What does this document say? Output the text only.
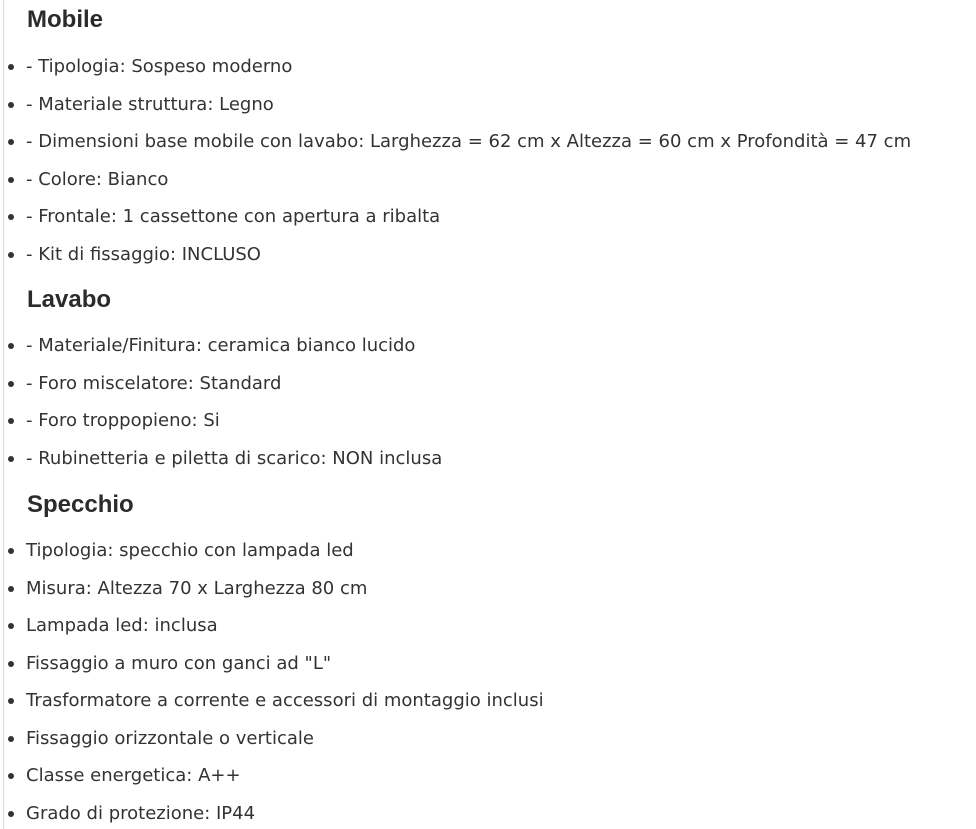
Mobile
- Tipologia: Sospeso moderno
- Materiale struttura: Legno
- Dimensioni base mobile con lavabo: Larghezza = 62 cm x Altezza = 60 cm x Profondità = 47 cm
- Colore: Bianco
- Frontale: 1 cassettone con apertura a ribalta
- Kit di fissaggio: INCLUSO
Lavabo
- Materiale/Finitura: ceramica bianco lucido
- Foro miscelatore: Standard
- Foro troppopieno: Si
- Rubinetteria e piletta di scarico: NON inclusa
Specchio
Tipologia: specchio con lampada led
Misura: Altezza 70 x Larghezza 80 cm
Lampada led: inclusa
Fissaggio a muro con ganci ad "L"
Trasformatore a corrente e accessori di montaggio inclusi
Fissaggio orizzontale o verticale
Classe energetica: A++
Grado di protezione: IP44
